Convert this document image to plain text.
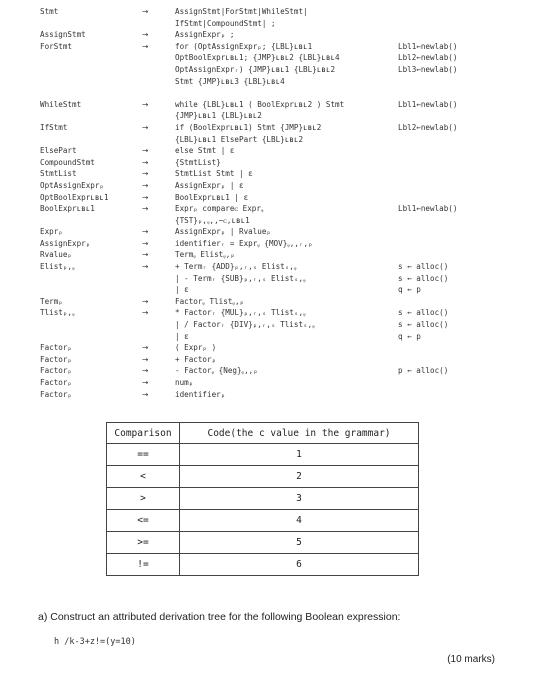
Stmt	→	AssignStmt|ForStmt|WhileStmt|
IfStmt|CompoundStmt| ;
AssignStmt	→	AssignExprₚ ;
ForStmt	→	for (OptAssignExprₚ; {LBL}ʟʙʟ1	Lbl1←newlab()
OptBoolExprʟʙʟ1; {JMP}ʟʙʟ2 {LBL}ʟʙʟ4	Lbl2←newlab()
OptAssignExprᵣ) {JMP}ʟʙʟ1 {LBL}ʟʙʟ2	Lbl3←newlab()
Stmt {JMP}ʟʙʟ3 {LBL}ʟʙʟ4
WhileStmt	→	while {LBL}ʟʙʟ1 ( BoolExprʟʙʟ2 ) Stmt	Lbl1←newlab()
{JMP}ʟʙʟ1 {LBL}ʟʙʟ2
IfStmt	→	if (BoolExprʟʙʟ1) Stmt {JMP}ʟʙʟ2	Lbl2←newlab()
{LBL}ʟʙʟ1 ElsePart {LBL}ʟʙʟ2
ElsePart	→	else Stmt | ε
CompoundStmt	→	{StmtList}
StmtList	→	StmtList Stmt | ε
OptAssignExprₚ	→	AssignExprₚ | ε
OptBoolExprʟʙʟ1	→	BoolExprʟʙʟ1 | ε
BoolExprʟʙʟ1	→	Exprₚ compareᴄ Exprᵩ	Lbl1←newlab()
{TST}ₚ,ᵩ,,~ᴄ,ʟʙʟ1
Exprₚ	→	AssignExprₚ | Rvalueₚ
AssignExprₚ	→	identifierᵣ = Exprᵩ {MOV}ᵩ,,ᵣ,ₚ
Rvalueₚ	→	Termᵩ Elistᵩ,ₚ
Elistₚ,ᵩ	→	+ Termᵣ {ADD}ₚ,ᵣ,ₛ Elistₛ,ᵩ	s ← alloc()
| - Termᵣ {SUB}ₚ,ᵣ,ₛ Elistₛ,ᵩ	s ← alloc()
| ε	q ← p
Termₚ	→	Factorᵩ Tlistᵩ,ₚ
Tlistₚ,ᵩ	→	* Factorᵣ {MUL}ₚ,ᵣ,ₛ Tlistₛ,ᵩ	s ← alloc()
| / Factorᵣ {DIV}ₚ,ᵣ,ₛ Tlistₛ,ᵩ	s ← alloc()
| ε	q ← p
Factorₚ	→	( Exprₚ )
Factorₚ	→	+ Factorₚ
Factorₚ	→	- Factorᵩ {Neg}ᵩ,,ₚ	p ← alloc()
Factorₚ	→	numₚ
Factorₚ	→	identifierₚ
Comparison	Code(the c value in the grammar)
==	1
<	2
>	3
<=	4
>=	5
!=	6
a) Construct an attributed derivation tree for the following Boolean expression:
h /k-3+z!=(y=10)
(10 marks)
